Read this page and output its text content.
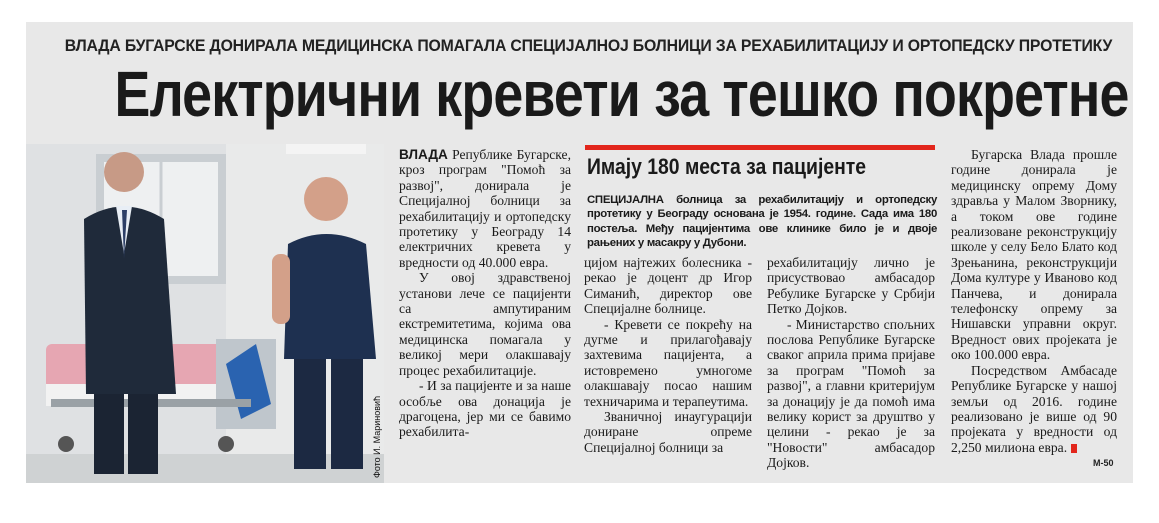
ВЛАДА БУГАРСКЕ ДОНИРАЛА МЕДИЦИНСКА ПОМАГАЛА СПЕЦИЈАЛНОЈ БОЛНИЦИ ЗА РЕХАБИЛИТАЦИЈУ И ОРТОПЕДСКУ ПРОТЕТИКУ
Електрични кревети за тешко покретне
Фото И. Мариновић

ВЛАДА Републике Бугарске, кроз програм "Помоћ за развој", донирала је Специјалној болници за рехабилитацију и ортопедску протетику у Београду 14 електричних кревета у вредности од 40.000 евра.

У овој здравственој установи лече се пацијенти са ампутираним екстремитетима, којима ова медицинска помагала у великој мери олакшавају процес рехабилитације.

- И за пацијенте и за наше особље ова донација је драгоцена, јер ми се бавимо рехабилита-

Имају 180 места за пацијенте
СПЕЦИЈАЛНА болница за рехабилитацију и ортопедску протетику у Београду основана је 1954. године. Сада има 180 постеља. Међу пацијентима ове клинике било је и двоје рањених у масакру у Дубони.

цијом најтежих болесника - рекао је доцент др Игор Симанић, директор ове Специјалне болнице.

- Кревети се покрећу на дугме и прилагођавају захтевима пацијента, а истовремено умногоме олакшавају посао нашим техничарима и терапеутима.

Званичној инаугурацији дониране опреме Специјалној болници за

рехабилитацију лично је присуствовао амбасадор Ребулике Бугарске у Србији Петко Дојков.

- Министарство спољних послова Републике Бугарске сваког априла прима пријаве за програм "Помоћ за развој", а главни критеријум за донацију је да помоћ има велику корист за друштво у целини - рекао је за "Новости" амбасадор Дојков.

Бугарска Влада прошле године донирала је медицинску опрему Дому здравља у Малом Зворнику, а током ове године реализоване реконструкцију школе у селу Бело Блато код Зрењанина, реконструкцији Дома културе у Ивановo код Панчева, и донирала телефонску опрему за Нишавски управни округ. Вредност ових пројеката је око 100.000 евра.

Посредством Амбасаде Републике Бугарске у нашој земљи од 2016. године реализовано је више од 90 пројеката у вредности од 2,250 милиона евра.

М-50
